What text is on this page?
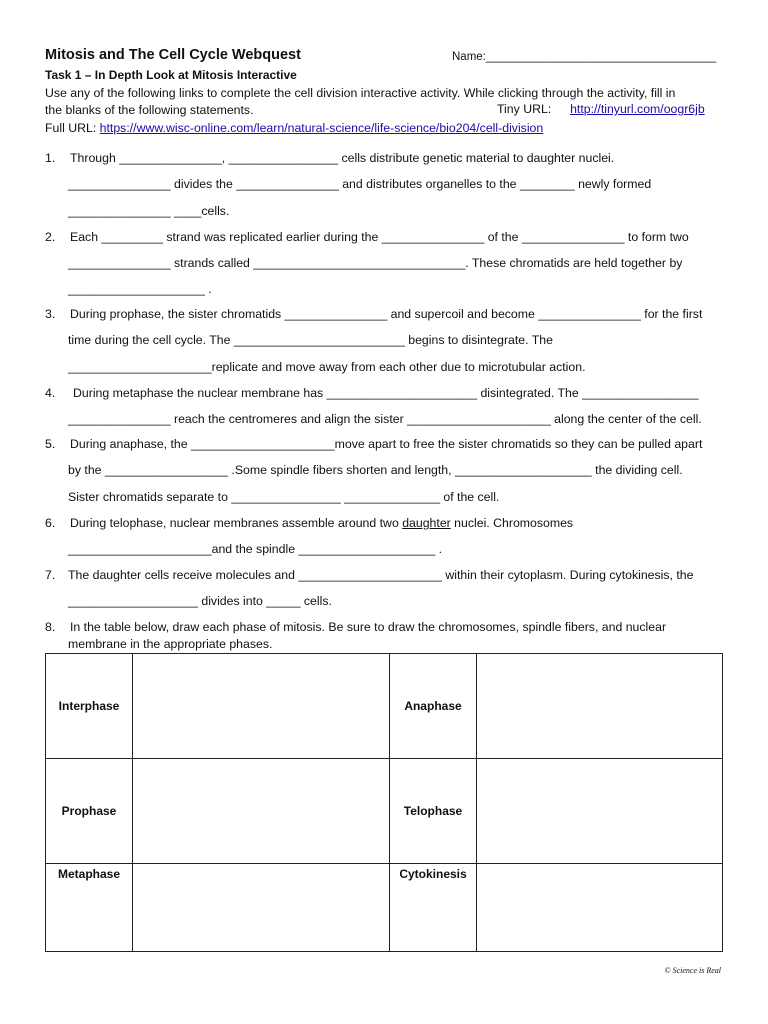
Mitosis and The Cell Cycle Webquest	Name:____________________________________
Task 1 – In Depth Look at Mitosis Interactive
Use any of the following links to complete the cell division interactive activity. While clicking through the activity, fill in
the blanks of the following statements.	Tiny URL: http://tinyurl.com/oogr6jb
Full URL: https://www.wisc-online.com/learn/natural-science/life-science/bio204/cell-division
1. Through _______________, ________________ cells distribute genetic material to daughter nuclei.
_______________ divides the _______________ and distributes organelles to the ________ newly formed
_______________ ____cells.
2. Each _________ strand was replicated earlier during the _______________ of the _______________ to form two
_______________ strands called _______________________________. These chromatids are held together by
____________________ .
3. During prophase, the sister chromatids _______________ and supercoil and become _______________ for the first
time during the cell cycle. The _________________________ begins to disintegrate. The
_____________________replicate and move away from each other due to microtubular action.
4. During metaphase the nuclear membrane has ______________________ disintegrated. The _________________
_______________ reach the centromeres and align the sister _____________________ along the center of the cell.
5. During anaphase, the _____________________move apart to free the sister chromatids so they can be pulled apart
by the __________________ .Some spindle fibers shorten and length, ____________________ the dividing cell.
Sister chromatids separate to ________________ ______________ of the cell.
6. During telophase, nuclear membranes assemble around two daughter nuclei. Chromosomes
_____________________and the spindle ____________________ .
7. The daughter cells receive molecules and _____________________ within their cytoplasm. During cytokinesis, the
___________________ divides into _____ cells.
8. In the table below, draw each phase of mitosis. Be sure to draw the chromosomes, spindle fibers, and nuclear
membrane in the appropriate phases.
Interphase		Anaphase	
Prophase		Telophase	
Metaphase		Cytokinesis	
© Science is Real
